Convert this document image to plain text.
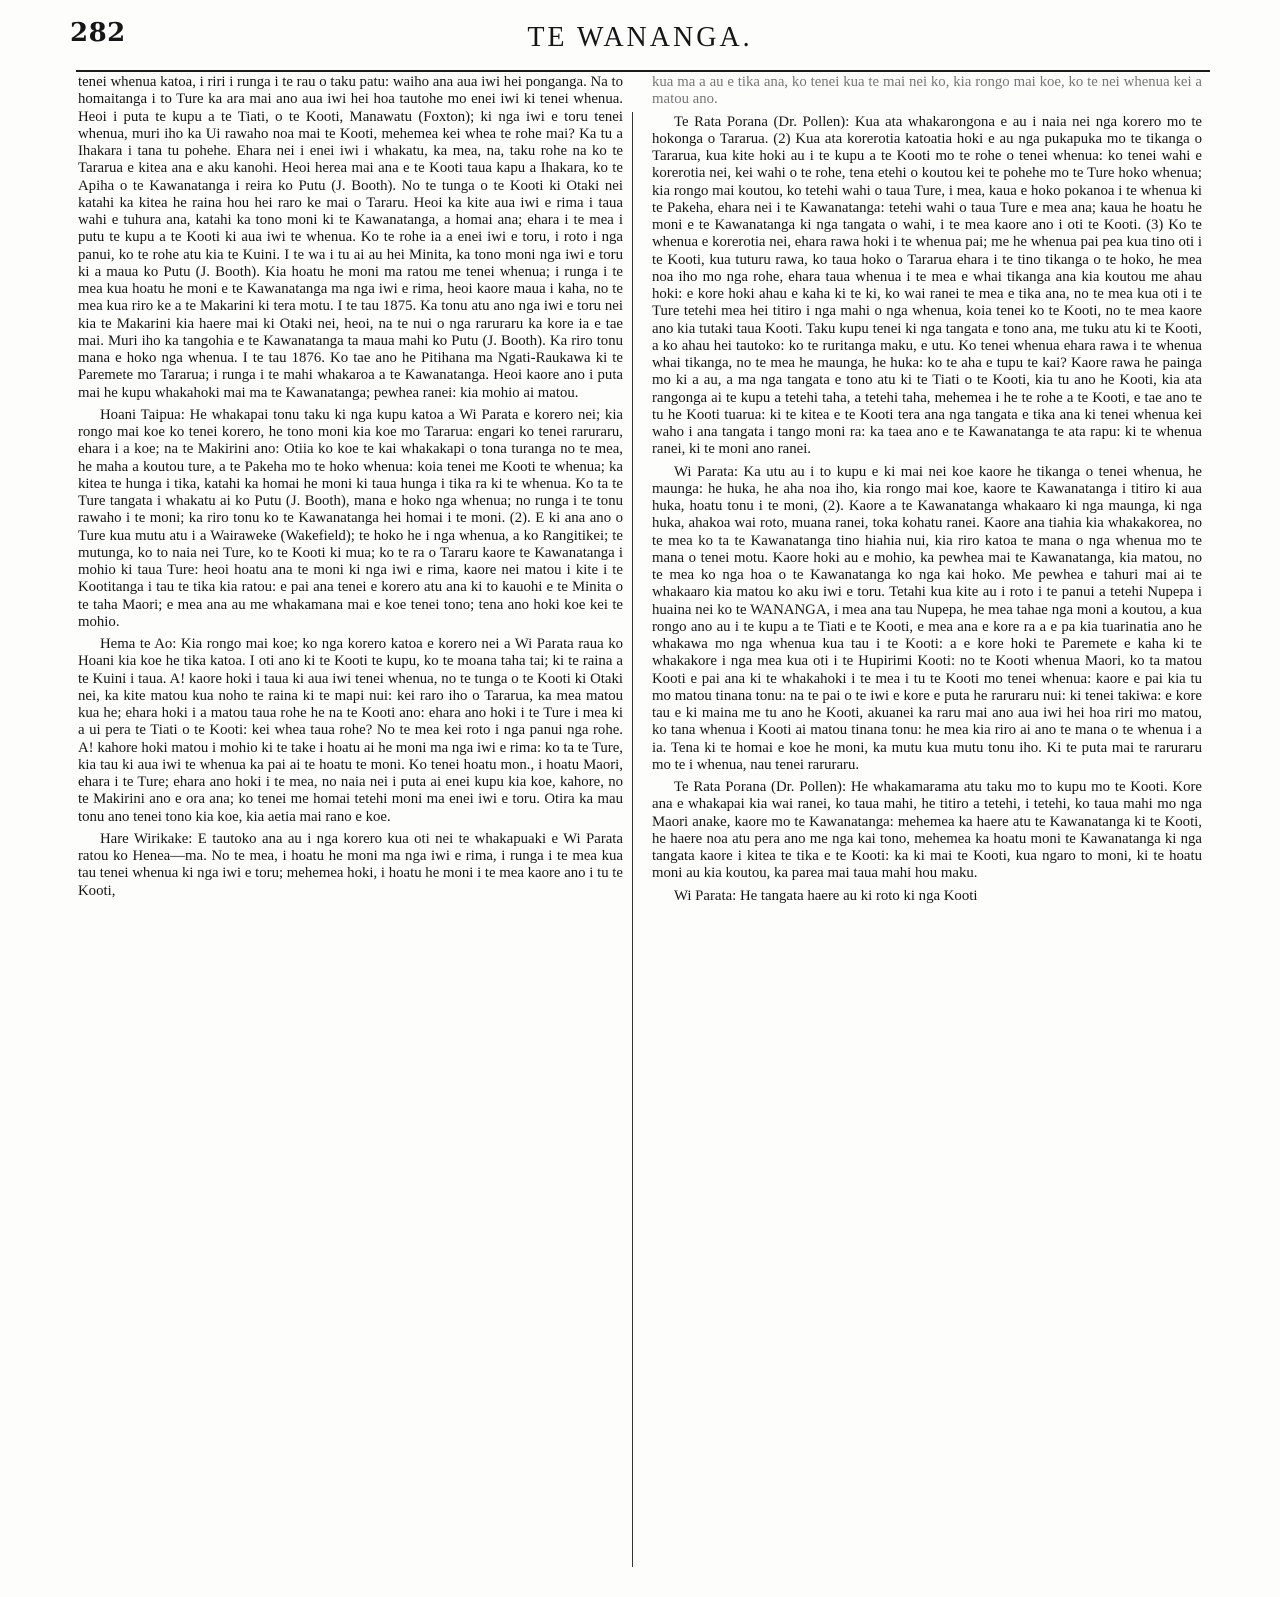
282	TE WANANGA.

tenei whenua katoa, i riri i runga i te rau o taku patu: waiho ana aua iwi hei ponganga. Na to homaitanga i to Ture ka ara mai ano aua iwi hei hoa tautohe mo enei iwi ki tenei whenua. Heoi i puta te kupu a te Tiati, o te Kooti, Manawatu (Foxton); ki nga iwi e toru tenei whenua, muri iho ka Ui rawaho noa mai te Kooti, mehemea kei whea te rohe mai? Ka tu a Ihakara i tana tu pohehe. Ehara nei i enei iwi i whakatu, ka mea, na, taku rohe na ko te Tararua e kitea ana e aku kanohi. Heoi herea mai ana e te Kooti taua kapu a Ihakara, ko te Apiha o te Kawanatanga i reira ko Putu (J. Booth). No te tunga o te Kooti ki Otaki nei katahi ka kitea he raina hou hei raro ke mai o Tararu. Heoi ka kite aua iwi e rima i taua wahi e tuhura ana, katahi ka tono moni ki te Kawanatanga, a homai ana; ehara i te mea i putu te kupu a te Kooti ki aua iwi te whenua. Ko te rohe ia a enei iwi e toru, i roto i nga panui, ko te rohe atu kia te Kuini. I te wa i tu ai au hei Minita, ka tono moni nga iwi e toru ki a maua ko Putu (J. Booth). Kia hoatu he moni ma ratou me tenei whenua; i runga i te mea kua hoatu he moni e te Kawanatanga ma nga iwi e rima, heoi kaore maua i kaha, no te mea kua riro ke a te Makarini ki tera motu. I te tau 1875. Ka tonu atu ano nga iwi e toru nei kia te Makarini kia haere mai ki Otaki nei, heoi, na te nui o nga raruraru ka kore ia e tae mai. Muri iho ka tangohia e te Kawanatanga ta maua mahi ko Putu (J. Booth). Ka riro tonu mana e hoko nga whenua. I te tau 1876. Ko tae ano he Pitihana ma Ngati-Raukawa ki te Paremete mo Tararua; i runga i te mahi whakaroa a te Kawanatanga. Heoi kaore ano i puta mai he kupu whakahoki mai ma te Kawanatanga; pewhea ranei: kia mohio ai matou.

Hoani Taipua: He whakapai tonu taku ki nga kupu katoa a Wi Parata e korero nei; kia rongo mai koe ko tenei korero, he tono moni kia koe mo Tararua: engari ko tenei raruraru, ehara i a koe; na te Makirini ano: Otiia ko koe te kai whakakapi o tona turanga no te mea, he maha a koutou ture, a te Pakeha mo te hoko whenua: koia tenei me Kooti te whenua; ka kitea te hunga i tika, katahi ka homai he moni ki taua hunga i tika ra ki te whenua. Ko ta te Ture tangata i whakatu ai ko Putu (J. Booth), mana e hoko nga whenua; no runga i te tonu rawaho i te moni; ka riro tonu ko te Kawanatanga hei homai i te moni. (2). E ki ana ano o Ture kua mutu atu i a Wairaweke (Wakefield); te hoko he i nga whenua, a ko Rangitikei; te mutunga, ko to naia nei Ture, ko te Kooti ki mua; ko te ra o Tararu kaore te Kawanatanga i mohio ki taua Ture: heoi hoatu ana te moni ki nga iwi e rima, kaore nei matou i kite i te Kootitanga i tau te tika kia ratou: e pai ana tenei e korero atu ana ki to kauohi e te Minita o te taha Maori; e mea ana au me whakamana mai e koe tenei tono; tena ano hoki koe kei te mohio.

Hema te Ao: Kia rongo mai koe; ko nga korero katoa e korero nei a Wi Parata raua ko Hoani kia koe he tika katoa. I oti ano ki te Kooti te kupu, ko te moana taha tai; ki te raina a te Kuini i taua. A! kaore hoki i taua ki aua iwi tenei whenua, no te tunga o te Kooti ki Otaki nei, ka kite matou kua noho te raina ki te mapi nui: kei raro iho o Tararua, ka mea matou kua he; ehara hoki i a matou taua rohe he na te Kooti ano: ehara ano hoki i te Ture i mea ki a ui pera te Tiati o te Kooti: kei whea taua rohe? No te mea kei roto i nga panui nga rohe. A! kahore hoki matou i mohio ki te take i hoatu ai he moni ma nga iwi e rima: ko ta te Ture, kia tau ki aua iwi te whenua ka pai ai te hoatu te moni. Ko tenei hoatu mon., i hoatu Maori, ehara i te Ture; ehara ano hoki i te mea, no naia nei i puta ai enei kupu kia koe, kahore, no te Makirini ano e ora ana; ko tenei me homai tetehi moni ma enei iwi e toru. Otira ka mau tonu ano tenei tono kia koe, kia aetia mai rano e koe.

Hare Wirikake: E tautoko ana au i nga korero kua oti nei te whakapuaki e Wi Parata ratou ko Henea—ma. No te mea, i hoatu he moni ma nga iwi e rima, i runga i te mea kua tau tenei whenua ki nga iwi e toru; mehemea hoki, i hoatu he moni i te mea kaore ano i tu te Kooti,

kua ma a au e tika ana, ko tenei kua te mai nei ko, kia rongo mai koe, ko te nei whenua kei a matou ano.

Te Rata Porana (Dr. Pollen): Kua ata whakarongona e au i naia nei nga korero mo te hokonga o Tararua. (2) Kua ata korerotia katoatia hoki e au nga pukapuka mo te tikanga o Tararua, kua kite hoki au i te kupu a te Kooti mo te rohe o tenei whenua: ko tenei wahi e korerotia nei, kei wahi o te rohe, tena etehi o koutou kei te pohehe mo te Ture hoko whenua; kia rongo mai koutou, ko tetehi wahi o taua Ture, i mea, kaua e hoko pokanoa i te whenua ki te Pakeha, ehara nei i te Kawanatanga: tetehi wahi o taua Ture e mea ana; kaua he hoatu he moni e te Kawanatanga ki nga tangata o wahi, i te mea kaore ano i oti te Kooti. (3) Ko te whenua e korerotia nei, ehara rawa hoki i te whenua pai; me he whenua pai pea kua tino oti i te Kooti, kua tuturu rawa, ko taua hoko o Tararua ehara i te tino tikanga o te hoko, he mea noa iho mo nga rohe, ehara taua whenua i te mea e whai tikanga ana kia koutou me ahau hoki: e kore hoki ahau e kaha ki te ki, ko wai ranei te mea e tika ana, no te mea kua oti i te Ture tetehi mea hei titiro i nga mahi o nga whenua, koia tenei ko te Kooti, no te mea kaore ano kia tutaki taua Kooti. Taku kupu tenei ki nga tangata e tono ana, me tuku atu ki te Kooti, a ko ahau hei tautoko: ko te ruritanga maku, e utu. Ko tenei whenua ehara rawa i te whenua whai tikanga, no te mea he maunga, he huka: ko te aha e tupu te kai? Kaore rawa he painga mo ki a au, a ma nga tangata e tono atu ki te Tiati o te Kooti, kia tu ano he Kooti, kia ata rangonga ai te kupu a tetehi taha, a tetehi taha, mehemea i he te rohe a te Kooti, e tae ano te tu he Kooti tuarua: ki te kitea e te Kooti tera ana nga tangata e tika ana ki tenei whenua kei waho i ana tangata i tango moni ra: ka taea ano e te Kawanatanga te ata rapu: ki te whenua ranei, ki te moni ano ranei.

Wi Parata: Ka utu au i to kupu e ki mai nei koe kaore he tikanga o tenei whenua, he maunga: he huka, he aha noa iho, kia rongo mai koe, kaore te Kawanatanga i titiro ki aua huka, hoatu tonu i te moni, (2). Kaore a te Kawanatanga whakaaro ki nga maunga, ki nga huka, ahakoa wai roto, muana ranei, toka kohatu ranei. Kaore ana tiahia kia whakakorea, no te mea ko ta te Kawanatanga tino hiahia nui, kia riro katoa te mana o nga whenua mo te mana o tenei motu. Kaore hoki au e mohio, ka pewhea mai te Kawanatanga, kia matou, no te mea ko nga hoa o te Kawanatanga ko nga kai hoko. Me pewhea e tahuri mai ai te whakaaro kia matou ko aku iwi e toru. Tetahi kua kite au i roto i te panui a tetehi Nupepa i huaina nei ko te WANANGA, i mea ana tau Nupepa, he mea tahae nga moni a koutou, a kua rongo ano au i te kupu a te Tiati e te Kooti, e mea ana e kore ra a e pa kia tuarinatia ano he whakawa mo nga whenua kua tau i te Kooti: a e kore hoki te Paremete e kaha ki te whakakore i nga mea kua oti i te Hupirimi Kooti: no te Kooti whenua Maori, ko ta matou Kooti e pai ana ki te whakahoki i te mea i tu te Kooti mo tenei whenua: kaore e pai kia tu mo matou tinana tonu: na te pai o te iwi e kore e puta he raruraru nui: ki tenei takiwa: e kore tau e ki maina me tu ano he Kooti, akuanei ka raru mai ano aua iwi hei hoa riri mo matou, ko tana whenua i Kooti ai matou tinana tonu: he mea kia riro ai ano te mana o te whenua i a ia. Tena ki te homai e koe he moni, ka mutu kua mutu tonu iho. Ki te puta mai te raruraru mo te i whenua, nau tenei raruraru.

Te Rata Porana (Dr. Pollen): He whakamarama atu taku mo to kupu mo te Kooti. Kore ana e whakapai kia wai ranei, ko taua mahi, he titiro a tetehi, i tetehi, ko taua mahi mo nga Maori anake, kaore mo te Kawanatanga: mehemea ka haere atu te Kawanatanga ki te Kooti, he haere noa atu pera ano me nga kai tono, mehemea ka hoatu moni te Kawanatanga ki nga tangata kaore i kitea te tika e te Kooti: ka ki mai te Kooti, kua ngaro to moni, ki te hoatu moni au kia koutou, ka parea mai taua mahi hou maku.

Wi Parata: He tangata haere au ki roto ki nga Kooti
